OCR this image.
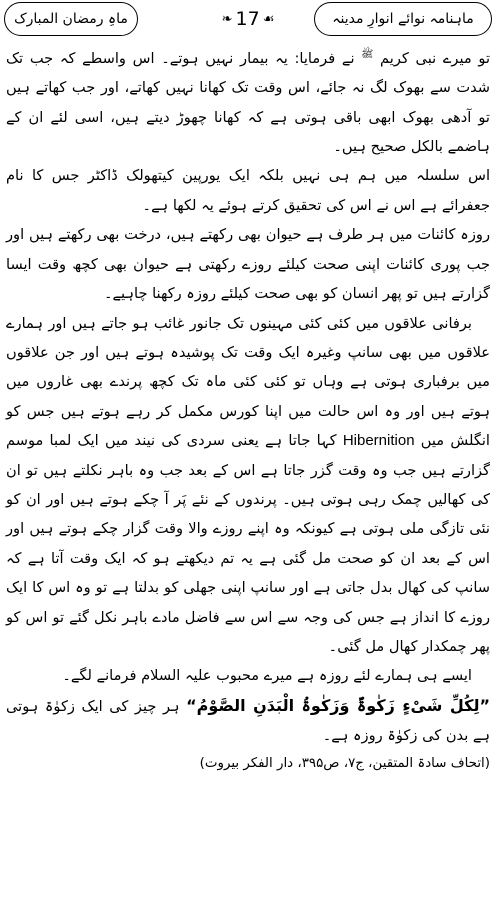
ماہنامہ نوائے انوارِ مدینہ
❧ 17 ☙
ماہِ رمضان المبارک

تو میرے نبی کریم $^ﷺ$ نے فرمایا: یہ بیمار نہیں ہوتے۔ اس واسطے کہ جب تک شدت سے بھوک لگ نہ جائے، اس وقت تک کھانا نہیں کھاتے، اور جب کھاتے ہیں تو آدھی بھوک ابھی باقی ہوتی ہے کہ کھانا چھوڑ دیتے ہیں، اسی لئے ان کے ہاضمے بالکل صحیح ہیں۔

اس سلسلہ میں ہم ہی نہیں بلکہ ایک یورپین کیتھولک ڈاکٹر جس کا نام جعفرائے ہے اس نے اس کی تحقیق کرتے ہوئے یہ لکھا ہے۔

روزہ کائنات میں ہر طرف ہے حیوان بھی رکھتے ہیں، درخت بھی رکھتے ہیں اور جب پوری کائنات اپنی صحت کیلئے روزے رکھتی ہے حیوان بھی کچھ وقت ایسا گزارتے ہیں تو پھر انسان کو بھی صحت کیلئے روزہ رکھنا چاہیے۔

برفانی علاقوں میں کئی کئی مہینوں تک جانور غائب ہو جاتے ہیں اور ہمارے علاقوں میں بھی سانپ وغیرہ ایک وقت تک پوشیدہ ہوتے ہیں اور جن علاقوں میں برفباری ہوتی ہے وہاں تو کئی کئی ماہ تک کچھ پرندے بھی غاروں میں ہوتے ہیں اور وہ اس حالت میں اپنا کورس مکمل کر رہے ہوتے ہیں جس کو انگلش میں Hibernition کہا جاتا ہے یعنی سردی کی نیند میں ایک لمبا موسم گزارتے ہیں جب وہ وقت گزر جاتا ہے اس کے بعد جب وہ باہر نکلتے ہیں تو ان کی کھالیں چمک رہی ہوتی ہیں۔ پرندوں کے نئے پَر آ چکے ہوتے ہیں اور ان کو نئی تازگی ملی ہوتی ہے کیونکہ وہ اپنے روزے والا وقت گزار چکے ہوتے ہیں اور اس کے بعد ان کو صحت مل گئی ہے یہ تم دیکھتے ہو کہ ایک وقت آتا ہے کہ سانپ کی کھال بدل جاتی ہے اور سانپ اپنی جھلی کو بدلتا ہے تو وہ اس کا ایک روزے کا انداز ہے جس کی وجہ سے اس سے فاضل مادے باہر نکل گئے تو اس کو پھر چمکدار کھال مل گئی۔

ایسے ہی ہمارے لئے روزہ ہے میرے محبوب علیہ السلام فرمانے لگے۔

”لِکُلِّ شَیْءٍ زَکٰوۃٌ وَزَکٰوۃُ الْبَدَنِ الصَّوْمُ“ ہر چیز کی ایک زکوٰۃ ہوتی ہے بدن کی زکوٰۃ روزہ ہے۔

(اتحاف سادۃ المتقین، ج۷، ص۳۹۵، دار الفکر بیروت)
